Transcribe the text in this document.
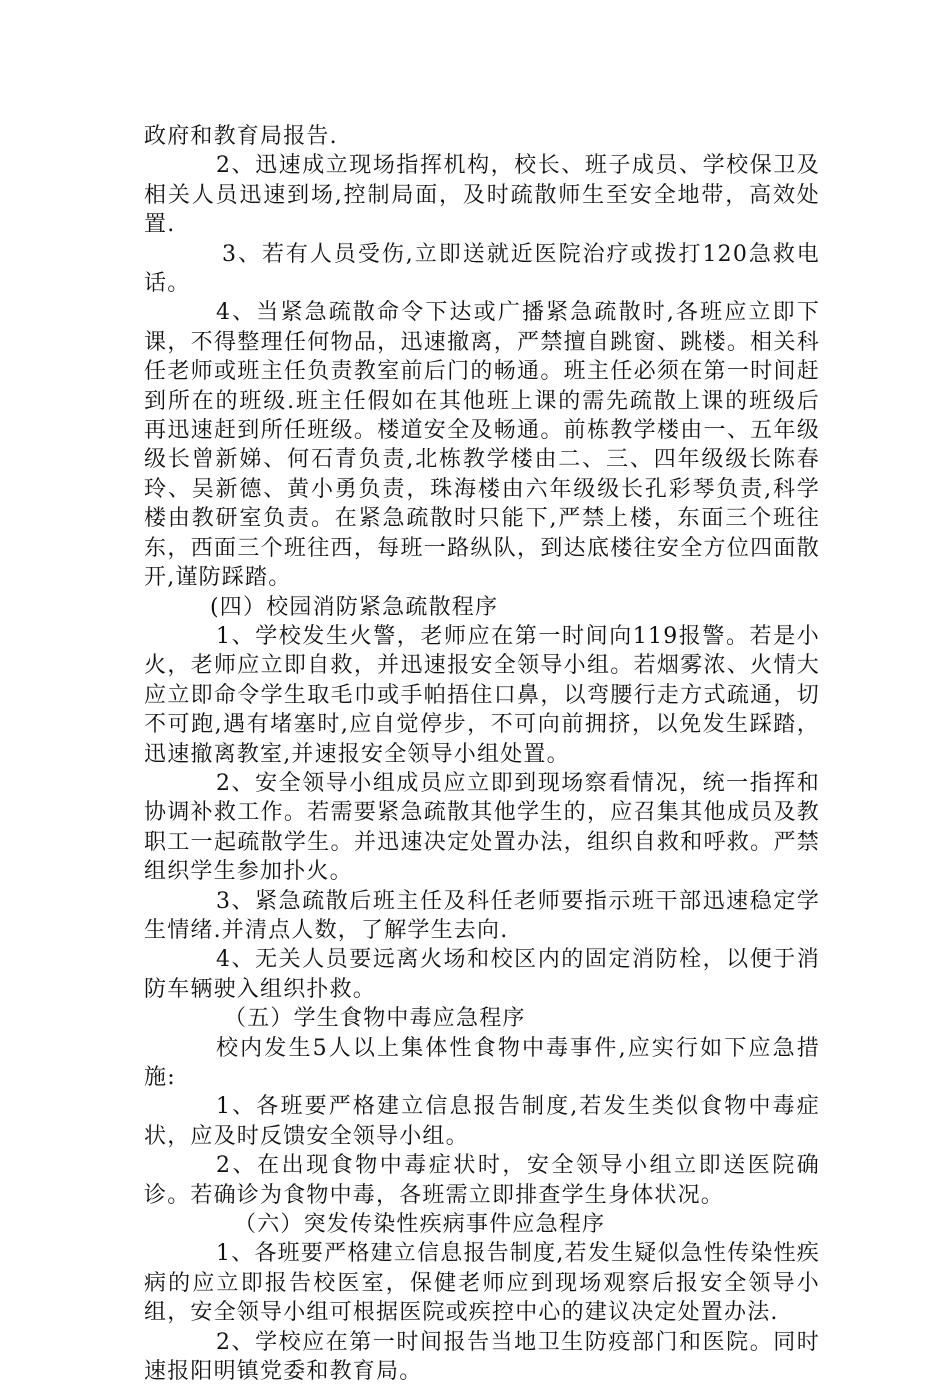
政府和教育局报告.

2、迅速成立现场指挥机构，校长、班子成员、学校保卫及相关人员迅速到场,控制局面，及时疏散师生至安全地带，高效处置.

3、若有人员受伤,立即送就近医院治疗或拨打120急救电话。

4、当紧急疏散命令下达或广播紧急疏散时,各班应立即下课，不得整理任何物品，迅速撤离，严禁擅自跳窗、跳楼。相关科任老师或班主任负责教室前后门的畅通。班主任必须在第一时间赶到所在的班级.班主任假如在其他班上课的需先疏散上课的班级后再迅速赶到所任班级。楼道安全及畅通。前栋教学楼由一、五年级级长曾新娣、何石青负责,北栋教学楼由二、三、四年级级长陈春玲、吴新德、黄小勇负责，珠海楼由六年级级长孔彩琴负责,科学楼由教研室负责。在紧急疏散时只能下,严禁上楼，东面三个班往东，西面三个班往西，每班一路纵队，到达底楼往安全方位四面散开,谨防踩踏。

(四）校园消防紧急疏散程序

1、学校发生火警，老师应在第一时间向119报警。若是小火，老师应立即自救，并迅速报安全领导小组。若烟雾浓、火情大应立即命令学生取毛巾或手帕捂住口鼻，以弯腰行走方式疏通，切不可跑,遇有堵塞时,应自觉停步，不可向前拥挤，以免发生踩踏，迅速撤离教室,并速报安全领导小组处置。

2、安全领导小组成员应立即到现场察看情况，统一指挥和协调补救工作。若需要紧急疏散其他学生的，应召集其他成员及教职工一起疏散学生。并迅速决定处置办法，组织自救和呼救。严禁组织学生参加扑火。

3、紧急疏散后班主任及科任老师要指示班干部迅速稳定学生情绪.并清点人数，了解学生去向.

4、无关人员要远离火场和校区内的固定消防栓，以便于消防车辆驶入组织扑救。

（五）学生食物中毒应急程序

校内发生5人以上集体性食物中毒事件,应实行如下应急措施:

1、各班要严格建立信息报告制度,若发生类似食物中毒症状，应及时反馈安全领导小组。

2、在出现食物中毒症状时，安全领导小组立即送医院确诊。若确诊为食物中毒，各班需立即排查学生身体状况。

（六）突发传染性疾病事件应急程序

1、各班要严格建立信息报告制度,若发生疑似急性传染性疾病的应立即报告校医室，保健老师应到现场观察后报安全领导小组，安全领导小组可根据医院或疾控中心的建议决定处置办法.

2、学校应在第一时间报告当地卫生防疫部门和医院。同时速报阳明镇党委和教育局。
